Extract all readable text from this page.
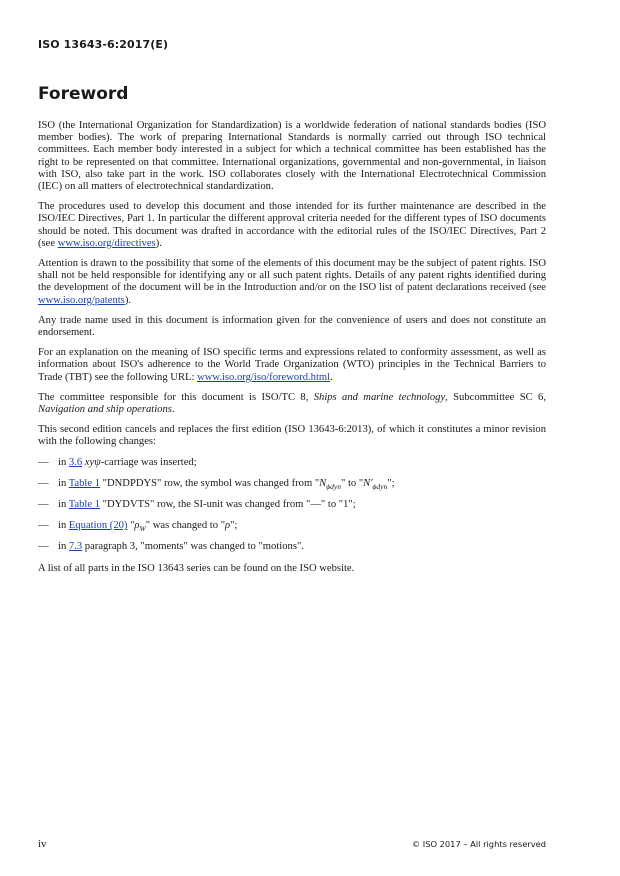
ISO 13643-6:2017(E)
Foreword

ISO (the International Organization for Standardization) is a worldwide federation of national standards bodies (ISO member bodies). The work of preparing International Standards is normally carried out through ISO technical committees. Each member body interested in a subject for which a technical committee has been established has the right to be represented on that committee. International organizations, governmental and non-governmental, in liaison with ISO, also take part in the work. ISO collaborates closely with the International Electrotechnical Commission (IEC) on all matters of electrotechnical standardization.

The procedures used to develop this document and those intended for its further maintenance are described in the ISO/IEC Directives, Part 1. In particular the different approval criteria needed for the different types of ISO documents should be noted. This document was drafted in accordance with the editorial rules of the ISO/IEC Directives, Part 2 (see www.iso.org/directives).

Attention is drawn to the possibility that some of the elements of this document may be the subject of patent rights. ISO shall not be held responsible for identifying any or all such patent rights. Details of any patent rights identified during the development of the document will be in the Introduction and/or on the ISO list of patent declarations received (see www.iso.org/patents).

Any trade name used in this document is information given for the convenience of users and does not constitute an endorsement.

For an explanation on the meaning of ISO specific terms and expressions related to conformity assessment, as well as information about ISO's adherence to the World Trade Organization (WTO) principles in the Technical Barriers to Trade (TBT) see the following URL: www.iso.org/iso/foreword.html.

The committee responsible for this document is ISO/TC 8, Ships and marine technology, Subcommittee SC 6, Navigation and ship operations.

This second edition cancels and replaces the first edition (ISO 13643-6:2013), of which it constitutes a minor revision with the following changes:

— in 3.6 xyψ-carriage was inserted;
— in Table 1 "DNDPDYS" row, the symbol was changed from "$N_{\phi dyn}$" to "$N'_{\phi dyn}$";
— in Table 1 "DYDVTS" row, the SI-unit was changed from "—" to "1";
— in Equation (20) "$\rho_W$" was changed to "ρ";
— in 7.3 paragraph 3, "moments" was changed to "motions".

A list of all parts in the ISO 13643 series can be found on the ISO website.

iv	© ISO 2017 – All rights reserved
